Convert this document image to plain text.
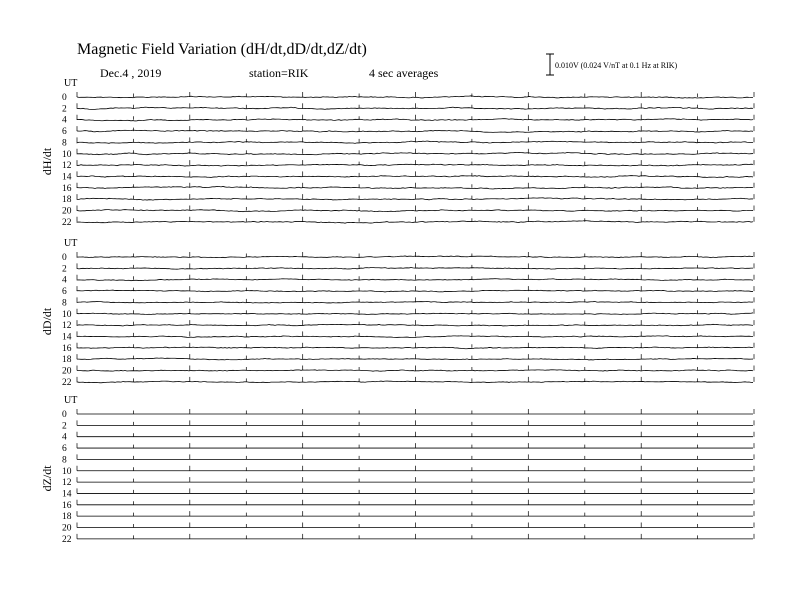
Magnetic Field Variation (dH/dt,dD/dt,dZ/dt)
Dec.4 , 2019	station=RIK	4 sec averages
0.010V (0.024 V/nT at 0.1 Hz at RIK)
UT
dH/dt
0
2
4
6
8
10
12
14
16
18
20
22
UT
dD/dt
0
2
4
6
8
10
12
14
16
18
20
22
UT
dZ/dt
0
2
4
6
8
10
12
14
16
18
20
22
